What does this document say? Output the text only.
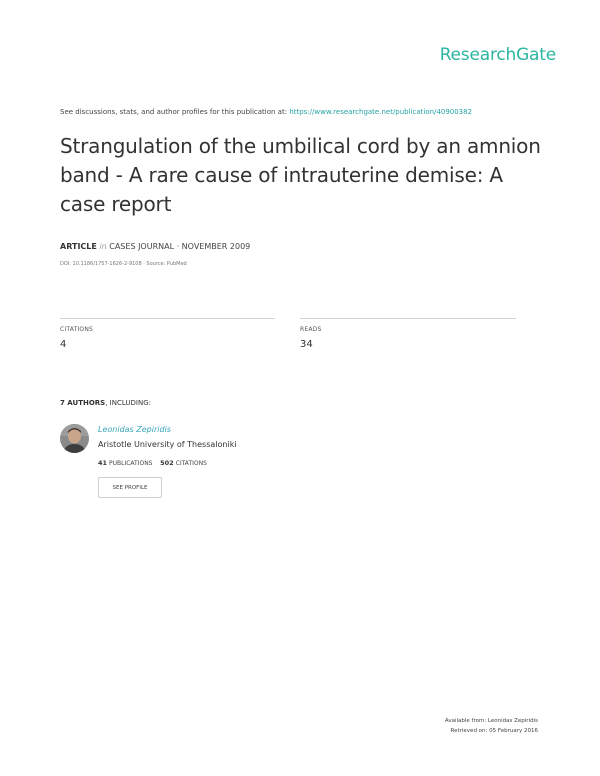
ResearchGate
See discussions, stats, and author profiles for this publication at: https://www.researchgate.net/publication/40900382
Strangulation of the umbilical cord by an amnion band - A rare cause of intrauterine demise: A case report
ARTICLE in CASES JOURNAL · NOVEMBER 2009
DOI: 10.1186/1757-1626-2-9108 · Source: PubMed
CITATIONS
4
READS
34
7 AUTHORS, INCLUDING:
Leonidas Zepiridis
Aristotle University of Thessaloniki
41 PUBLICATIONS 502 CITATIONS
SEE PROFILE
Available from: Leonidas Zepiridis
Retrieved on: 05 February 2016
